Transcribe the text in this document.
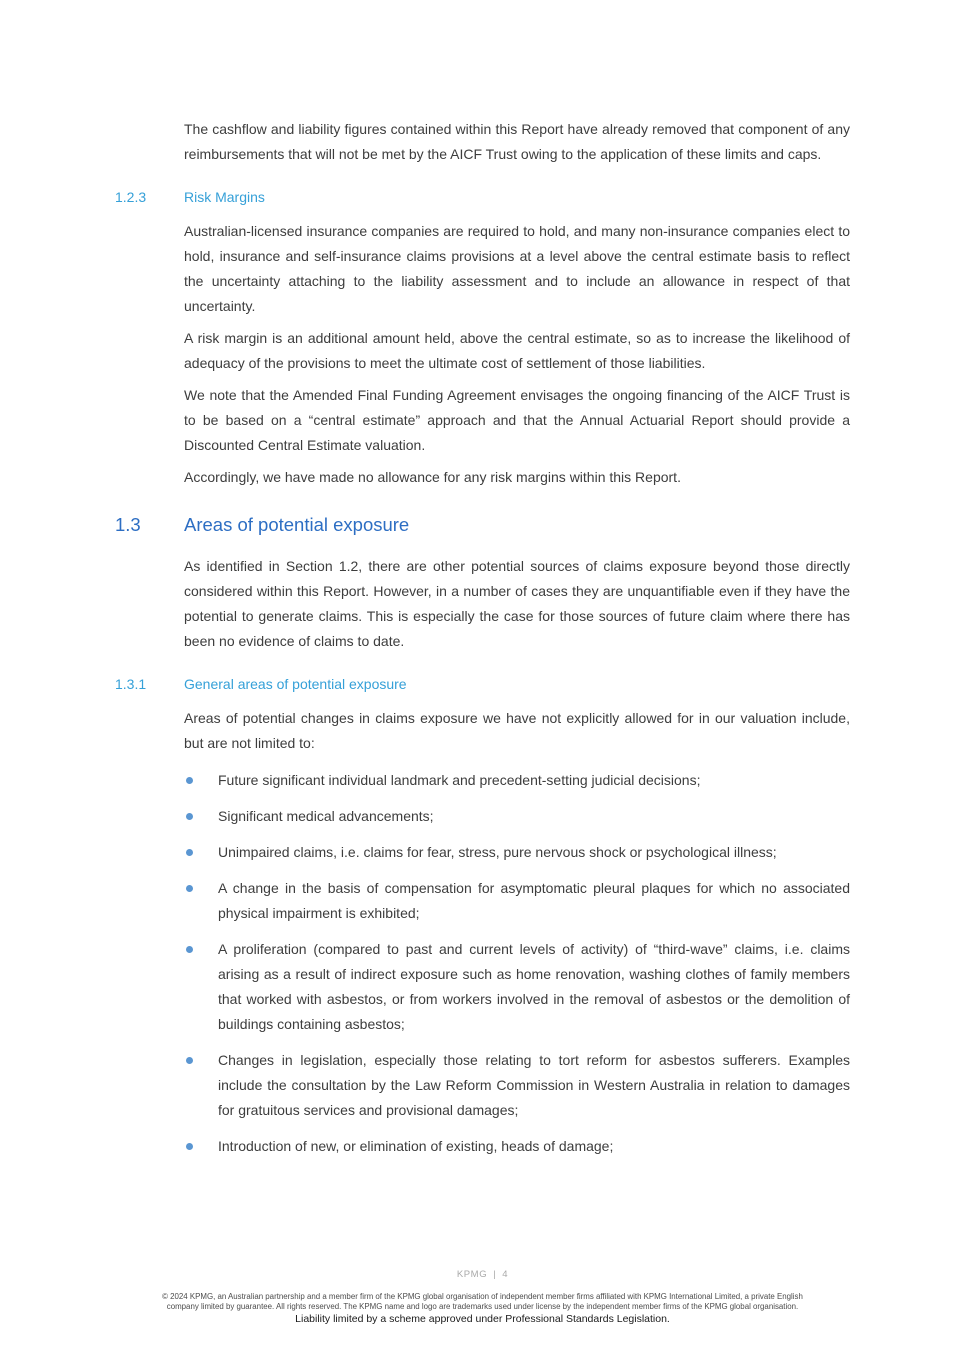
The cashflow and liability figures contained within this Report have already removed that component of any reimbursements that will not be met by the AICF Trust owing to the application of these limits and caps.

1.2.3	Risk Margins

Australian-licensed insurance companies are required to hold, and many non-insurance companies elect to hold, insurance and self-insurance claims provisions at a level above the central estimate basis to reflect the uncertainty attaching to the liability assessment and to include an allowance in respect of that uncertainty.

A risk margin is an additional amount held, above the central estimate, so as to increase the likelihood of adequacy of the provisions to meet the ultimate cost of settlement of those liabilities.

We note that the Amended Final Funding Agreement envisages the ongoing financing of the AICF Trust is to be based on a “central estimate” approach and that the Annual Actuarial Report should provide a Discounted Central Estimate valuation.

Accordingly, we have made no allowance for any risk margins within this Report.

1.3	Areas of potential exposure

As identified in Section 1.2, there are other potential sources of claims exposure beyond those directly considered within this Report. However, in a number of cases they are unquantifiable even if they have the potential to generate claims. This is especially the case for those sources of future claim where there has been no evidence of claims to date.

1.3.1	General areas of potential exposure

Areas of potential changes in claims exposure we have not explicitly allowed for in our valuation include, but are not limited to:

Future significant individual landmark and precedent-setting judicial decisions;
Significant medical advancements;
Unimpaired claims, i.e. claims for fear, stress, pure nervous shock or psychological illness;
A change in the basis of compensation for asymptomatic pleural plaques for which no associated physical impairment is exhibited;
A proliferation (compared to past and current levels of activity) of “third-wave” claims, i.e. claims arising as a result of indirect exposure such as home renovation, washing clothes of family members that worked with asbestos, or from workers involved in the removal of asbestos or the demolition of buildings containing asbestos;
Changes in legislation, especially those relating to tort reform for asbestos sufferers. Examples include the consultation by the Law Reform Commission in Western Australia in relation to damages for gratuitous services and provisional damages;
Introduction of new, or elimination of existing, heads of damage;
KPMG | 4
© 2024 KPMG, an Australian partnership and a member firm of the KPMG global organisation of independent member firms affiliated with KPMG International Limited, a private English
company limited by guarantee. All rights reserved. The KPMG name and logo are trademarks used under license by the independent member firms of the KPMG global organisation.
Liability limited by a scheme approved under Professional Standards Legislation.
